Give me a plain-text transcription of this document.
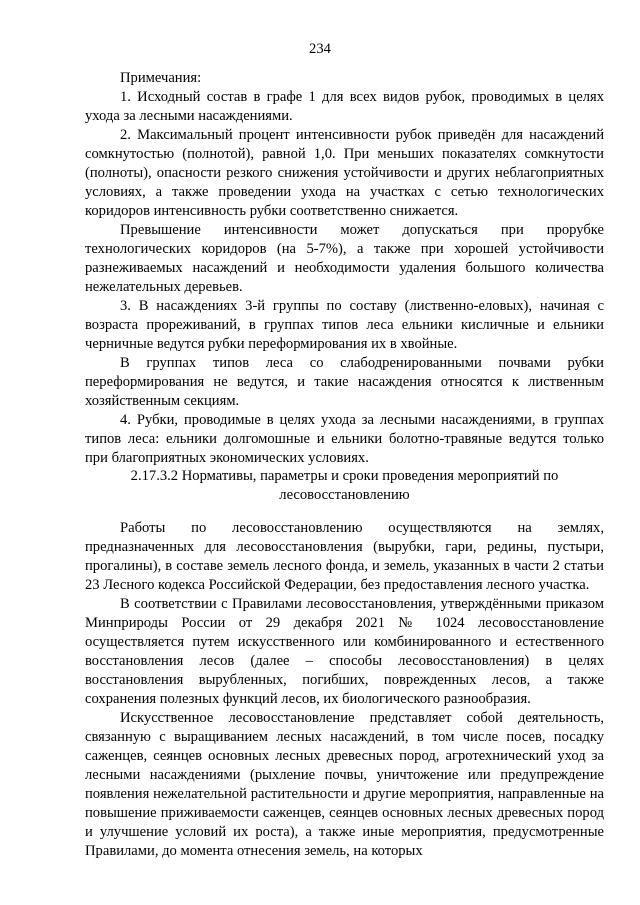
234

Примечания:

1. Исходный состав в графе 1 для всех видов рубок, проводимых в целях ухода за лесными насаждениями.

2. Максимальный процент интенсивности рубок приведён для насаждений сомкнутостью (полнотой), равной 1,0. При меньших показателях сомкнутости (полноты), опасности резкого снижения устойчивости и других неблагоприятных условиях, а также проведении ухода на участках с сетью технологических коридоров интенсивность рубки соответственно снижается.

Превышение интенсивности может допускаться при прорубке технологических коридоров (на 5-7%), а также при хорошей устойчивости разнеживаемых насаждений и необходимости удаления большого количества нежелательных деревьев.

3. В насаждениях 3-й группы по составу (лиственно-еловых), начиная с возраста прореживаний, в группах типов леса ельники кисличные и ельники черничные ведутся рубки переформирования их в хвойные.

В группах типов леса со слабодренированными почвами рубки переформирования не ведутся, и такие насаждения относятся к лиственным хозяйственным секциям.

4. Рубки, проводимые в целях ухода за лесными насаждениями, в группах типов леса: ельники долгомошные и ельники болотно-травяные ведутся только при благоприятных экономических условиях.

2.17.3.2 Нормативы, параметры и сроки проведения мероприятий по
лесовосстановлению

Работы по лесовосстановлению осуществляются на землях, предназначенных для лесовосстановления (вырубки, гари, редины, пустыри, прогалины), в составе земель лесного фонда, и земель, указанных в части 2 статьи 23 Лесного кодекса Российской Федерации, без предоставления лесного участка.

В соответствии с Правилами лесовосстановления, утверждёнными приказом Минприроды России от 29 декабря 2021 № 1024 лесовосстановление осуществляется путем искусственного или комбинированного и естественного восстановления лесов (далее – способы лесовосстановления) в целях восстановления вырубленных, погибших, поврежденных лесов, а также сохранения полезных функций лесов, их биологического разнообразия.

Искусственное лесовосстановление представляет собой деятельность, связанную с выращиванием лесных насаждений, в том числе посев, посадку саженцев, сеянцев основных лесных древесных пород, агротехнический уход за лесными насаждениями (рыхление почвы, уничтожение или предупреждение появления нежелательной растительности и другие мероприятия, направленные на повышение приживаемости саженцев, сеянцев основных лесных древесных пород и улучшение условий их роста), а также иные мероприятия, предусмотренные Правилами, до момента отнесения земель, на которых
